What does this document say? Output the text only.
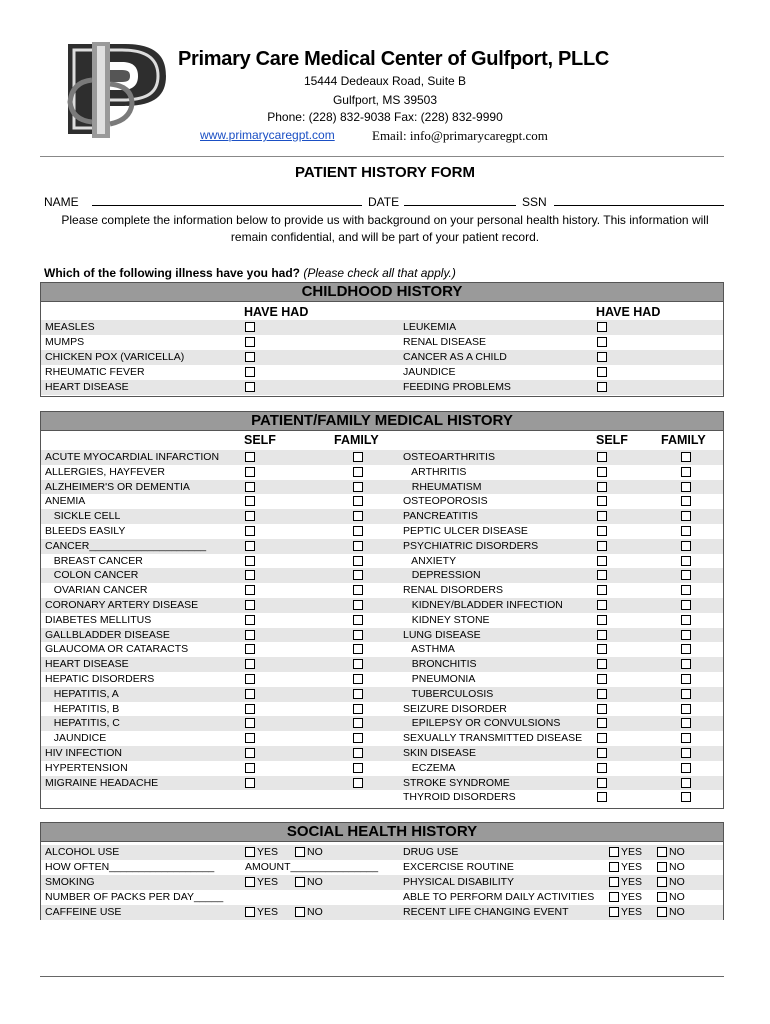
Primary Care Medical Center of Gulfport, PLLC
15444 Dedeaux Road, Suite B
Gulfport, MS 39503
Phone: (228) 832-9038 Fax: (228) 832-9990
www.primarycaregpt.com	Email: info@primarycaregpt.com
PATIENT HISTORY FORM
NAME	DATE	SSN
Please complete the information below to provide us with background on your personal health history. This information will
remain confidential, and will be part of your patient record.
Which of the following illness have you had? (Please check all that apply.)
CHILDHOOD HISTORY
HAVE HAD	HAVE HAD
MEASLES	LEUKEMIA
MUMPS	RENAL DISEASE
CHICKEN POX (VARICELLA)	CANCER AS A CHILD
RHEUMATIC FEVER	JAUNDICE
HEART DISEASE	FEEDING PROBLEMS
PATIENT/FAMILY MEDICAL HISTORY
SELF	FAMILY	SELF	FAMILY
ACUTE MYOCARDIAL INFARCTION	OSTEOARTHRITIS
ALLERGIES, HAYFEVER	ARTHRITIS
ALZHEIMER'S OR DEMENTIA	RHEUMATISM
ANEMIA	OSTEOPOROSIS
SICKLE CELL	PANCREATITIS
BLEEDS EASILY	PEPTIC ULCER DISEASE
CANCER____________________	PSYCHIATRIC DISORDERS
BREAST CANCER	ANXIETY
COLON CANCER	DEPRESSION
OVARIAN CANCER	RENAL DISORDERS
CORONARY ARTERY DISEASE	KIDNEY/BLADDER INFECTION
DIABETES MELLITUS	KIDNEY STONE
GALLBLADDER DISEASE	LUNG DISEASE
GLAUCOMA OR CATARACTS	ASTHMA
HEART DISEASE	BRONCHITIS
HEPATIC DISORDERS	PNEUMONIA
HEPATITIS, A	TUBERCULOSIS
HEPATITIS, B	SEIZURE DISORDER
HEPATITIS, C	EPILEPSY OR CONVULSIONS
JAUNDICE	SEXUALLY TRANSMITTED DISEASE
HIV INFECTION	SKIN DISEASE
HYPERTENSION	ECZEMA
MIGRAINE HEADACHE	STROKE SYNDROME
THYROID DISORDERS
SOCIAL HEALTH HISTORY
ALCOHOL USE	YES	NO	DRUG USE	YES	NO
HOW OFTEN__________________	AMOUNT_______________ EXCERCISE ROUTINE	YES	NO
SMOKING	YES	NO	PHYSICAL DISABILITY	YES	NO
NUMBER OF PACKS PER DAY_____	ABLE TO PERFORM DAILY ACTIVITIES	YES	NO
CAFFEINE USE	YES	NO	RECENT LIFE CHANGING EVENT	YES	NO
